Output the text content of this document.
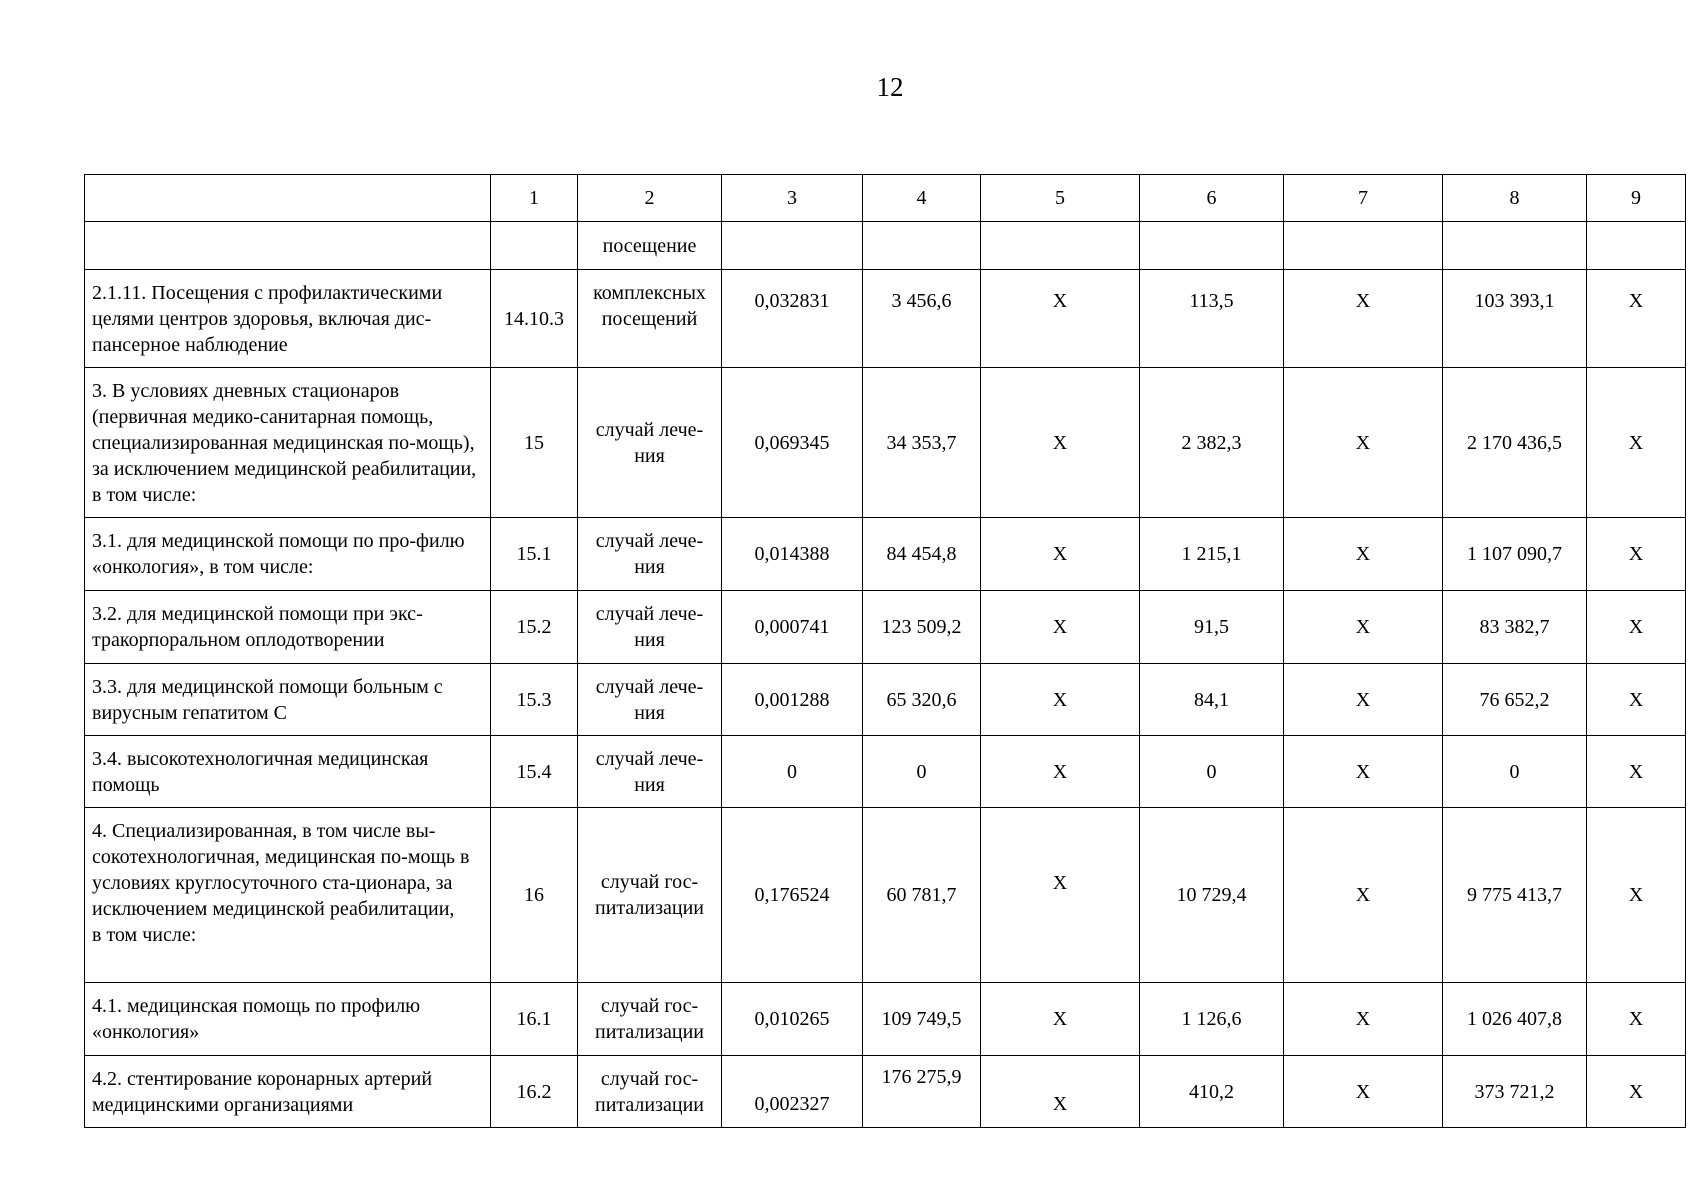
12
	1	2	3	4	5	6	7	8	9
		посещение							

2.1.11. Посещения с профилактическими целями центров здоровья, включая дис-пансерное наблюдение	14.10.3	комплексных посещений	0,032831	3 456,6	X	113,5	X	103 393,1	X

3. В условиях дневных стационаров (первичная медико-санитарная помощь, специализированная медицинская по-мощь), за исключением медицинской реабилитации, в том числе:	15	случай лече-ния	0,069345	34 353,7	X	2 382,3	X	2 170 436,5	X

3.1. для медицинской помощи по про-филю «онкология», в том числе:	15.1	случай лече-ния	0,014388	84 454,8	X	1 215,1	X	1 107 090,7	X

3.2. для медицинской помощи при экс-тракорпоральном оплодотворении	15.2	случай лече-ния	0,000741	123 509,2	X	91,5	X	83 382,7	X

3.3. для медицинской помощи больным с вирусным гепатитом С	15.3	случай лече-ния	0,001288	65 320,6	X	84,1	X	76 652,2	X

3.4. высокотехнологичная медицинская помощь	15.4	случай лече-ния	0	0	X	0	X	0	X

4. Специализированная, в том числе вы-сокотехнологичная, медицинская по-мощь в условиях круглосуточного ста-ционара, за исключением медицинской реабилитации,
в том числе:	16	случай гос-питализации	0,176524	60 781,7	X	10 729,4	X	9 775 413,7	X

4.1. медицинская помощь по профилю «онкология»	16.1	случай гос-питализации	0,010265	109 749,5	X	1 126,6	X	1 026 407,8	X

4.2. стентирование коронарных артерий медицинскими организациями	16.2	случай гос-питализации	0,002327	176 275,9	X	410,2	X	373 721,2	X
